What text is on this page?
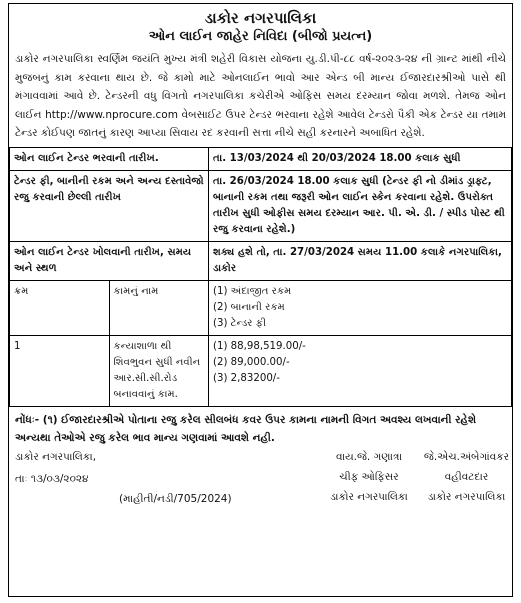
ડાકોર નગરપાલિકા
ઓન લાઈન જાહેર નિવિદા (બીજો પ્રયત્ન)
ડાકોર નગરપાલિકા સ્વર્ણિમ જયંતિ મુખ્ય મંત્રી શહેરી વિકાસ યોજના યુ.ડી.પી-૮૮ વર્ષ-૨૦૨૩-૨૪ ની ગ્રાન્ટ માંથી નીચે મુજબનું કામ કરવાના થાય છે. જે કામો માટે ઓનલાઈન ભાવો આર એન્ડ બી માન્ય ઈજારદારશ્રીઓ પાસે થી મંગાવવામાં આવે છે. ટેન્ડરની વધુ વિગતો નગરપાલિકા કચેરીએ ઓફિસ સમય દરમ્યાન જોવા મળશે. તેમજ ઓન લાઈન http://www.nprocure.com વેબસાઈટ ઉપર ટેન્ડર ભરવાના રહેશે આવેલ ટેન્ડરો પૈકી એક ટેન્ડર યા તમામ ટેન્ડર કોઈપણ જાતનું કારણ આપ્યા સિવાય રદ કરવાની સત્તા નીચે સહી કરનારને અબાધિત રહેશે.
ઓન લાઈન ટેન્ડર ભરવાની તારીખ.		તા. 13/03/2024 થી 20/03/2024 18.00 કલાક સુધી
ટેન્ડર ફી, બાનીની રકમ અને અન્ય દસ્તાવેજો રજુ કરવાની છેલ્લી તારીખ		તા. 26/03/2024 18.00 કલાક સુધી (ટેન્ડર ફી નો ડીમાંડ ડ્રાફ્ટ, બાનાની રકમ તથા જરૂરી ઓન લાઈન સ્કેન કરવાના રહેશે. ઉપરોક્ત તારીખ સુધી ઓફીસ સમય દરમ્યાન આર. પી. એ. ડી. / સ્પીડ પોસ્ટ થી રજુ કરવાના રહેશે.)
ઓન લાઈન ટેન્ડર ખોલવાની તારીખ, સમય અને સ્થળ		શક્ય હશે તો, તા. 27/03/2024 સમય 11.00 કલાકે નગરપાલિકા, ડાકોર
ક્રમ	કામનું નામ	(1) અંદાજીત રકમ
(2) બાનાની રકમ
(3) ટેન્ડર ફી

1	કન્યાશાળા થી શિવભુવન સુધી નવીન આર.સી.સી.રોડ બનાવવાનું કામ.	(1) 88,98,519.00/-
(2) 89,000.00/-
(3) 2,83200/-
નોંધઃ- (૧) ઈજારદારશ્રીએ પોતાના રજુ કરેલ સીલબંધ કવર ઉપર કામના નામની વિગત અવશ્ય લખવાની રહેશે અન્યથા તેઓએ રજુ કરેલ ભાવ માન્ય ગણવામાં આવશે નહી.
ડાકોર નગરપાલિકા,
તાઃ ૧૩/૦૩/૨૦૨૪
(માહીતી/નડી/705/2024)
વાય.જે. ગણાત્રા
ચીફ ઓફિસર
ડાકોર નગરપાલિકા
જે.એચ.અંબેગાંવકર
વહીવટદાર
ડાકોર નગરપાલિકા
